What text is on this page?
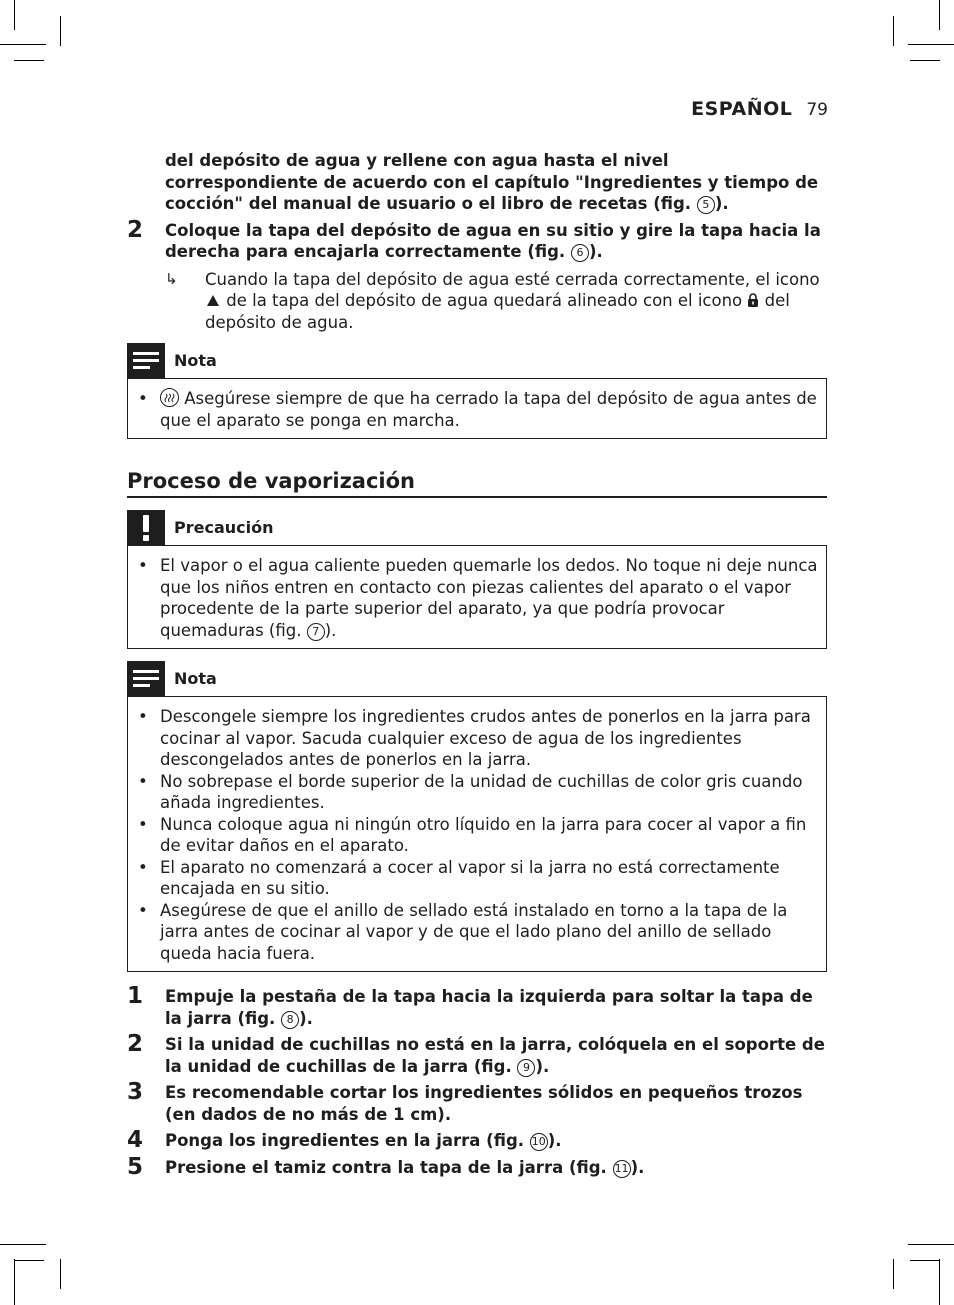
ESPAÑOL 79
del depósito de agua y rellene con agua hasta el nivel correspondiente de acuerdo con el capítulo "Ingredientes y tiempo de cocción" del manual de usuario o el libro de recetas (fig. 5 ).
2	Coloque la tapa del depósito de agua en su sitio y gire la tapa hacia la derecha para encajarla correctamente (fig. 6 ).
↳	Cuando la tapa del depósito de agua esté cerrada correctamente, el icono  de la tapa del depósito de agua quedará alineado con el icono del depósito de agua.
Nota
•	Asegúrese siempre de que ha cerrado la tapa del depósito de agua antes de que el aparato se ponga en marcha.
Proceso de vaporización
Precaución
• El vapor o el agua caliente pueden quemarle los dedos. No toque ni deje nunca que los niños entren en contacto con piezas calientes del aparato o el vapor procedente de la parte superior del aparato, ya que podría provocar quemaduras (fig. 7 ).
Nota
• Descongele siempre los ingredientes crudos antes de ponerlos en la jarra para cocinar al vapor. Sacuda cualquier exceso de agua de los ingredientes descongelados antes de ponerlos en la jarra.
• No sobrepase el borde superior de la unidad de cuchillas de color gris cuando añada ingredientes.
• Nunca coloque agua ni ningún otro líquido en la jarra para cocer al vapor a fin de evitar daños en el aparato.
• El aparato no comenzará a cocer al vapor si la jarra no está correctamente encajada en su sitio.
• Asegúrese de que el anillo de sellado está instalado en torno a la tapa de la jarra antes de cocinar al vapor y de que el lado plano del anillo de sellado queda hacia fuera.
1	Empuje la pestaña de la tapa hacia la izquierda para soltar la tapa de la jarra (fig. 8 ).
2	Si la unidad de cuchillas no está en la jarra, colóquela en el soporte de la unidad de cuchillas de la jarra (fig. 9 ).
3	Es recomendable cortar los ingredientes sólidos en pequeños trozos (en dados de no más de 1 cm).
4	Ponga los ingredientes en la jarra (fig. 10 ).
5	Presione el tamiz contra la tapa de la jarra (fig. 11 ).
